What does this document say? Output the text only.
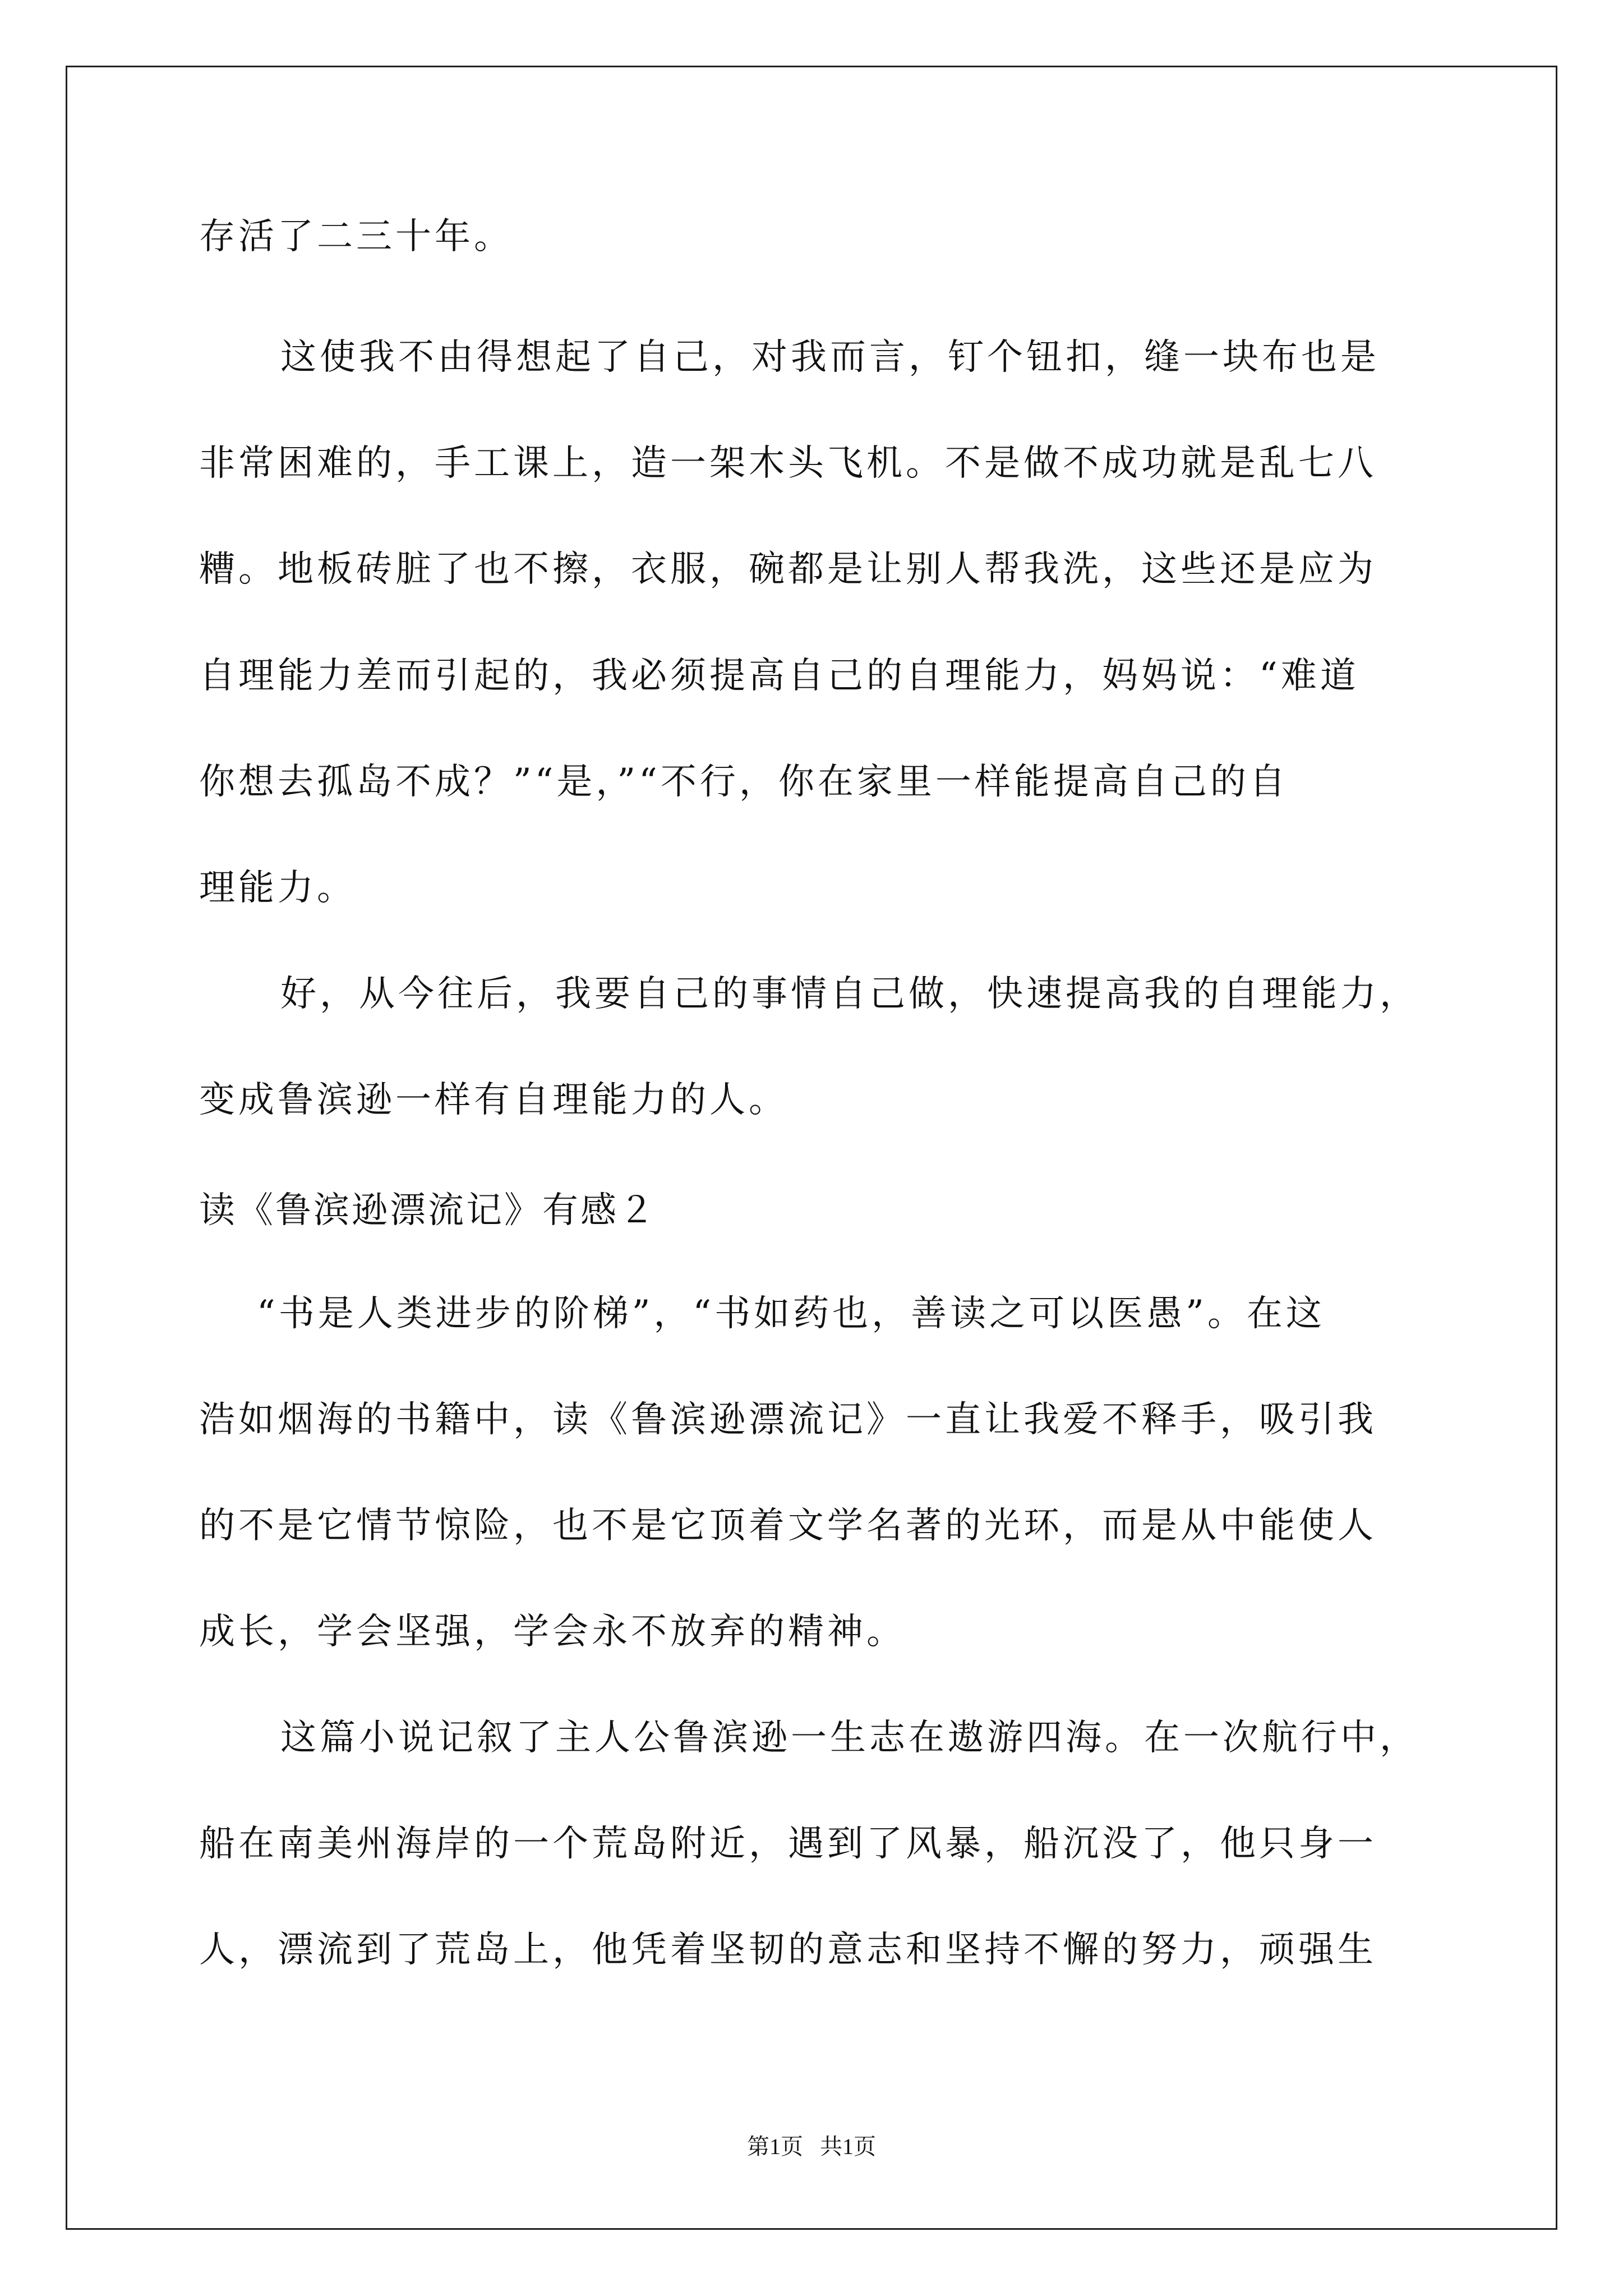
存活了二三十年。
这使我不由得想起了自己，对我而言，钉个钮扣，缝一块布也是
非常困难的，手工课上，造一架木头飞机。不是做不成功就是乱七八
糟。地板砖脏了也不擦，衣服，碗都是让别人帮我洗，这些还是应为
自理能力差而引起的，我必须提高自己的自理能力，妈妈说：“难道
你想去孤岛不成？”“是，”“不行，你在家里一样能提高自己的自
理能力。
好，从今往后，我要自己的事情自己做，快速提高我的自理能力，
变成鲁滨逊一样有自理能力的人。
读《鲁滨逊漂流记》有感２
“书是人类进步的阶梯”，“书如药也，善读之可以医愚”。在这
浩如烟海的书籍中，读《鲁滨逊漂流记》一直让我爱不释手，吸引我
的不是它情节惊险，也不是它顶着文学名著的光环，而是从中能使人
成长，学会坚强，学会永不放弃的精神。
这篇小说记叙了主人公鲁滨逊一生志在遨游四海。在一次航行中，
船在南美州海岸的一个荒岛附近，遇到了风暴，船沉没了，他只身一
人，漂流到了荒岛上，他凭着坚韧的意志和坚持不懈的努力，顽强生
第1页   共1页
